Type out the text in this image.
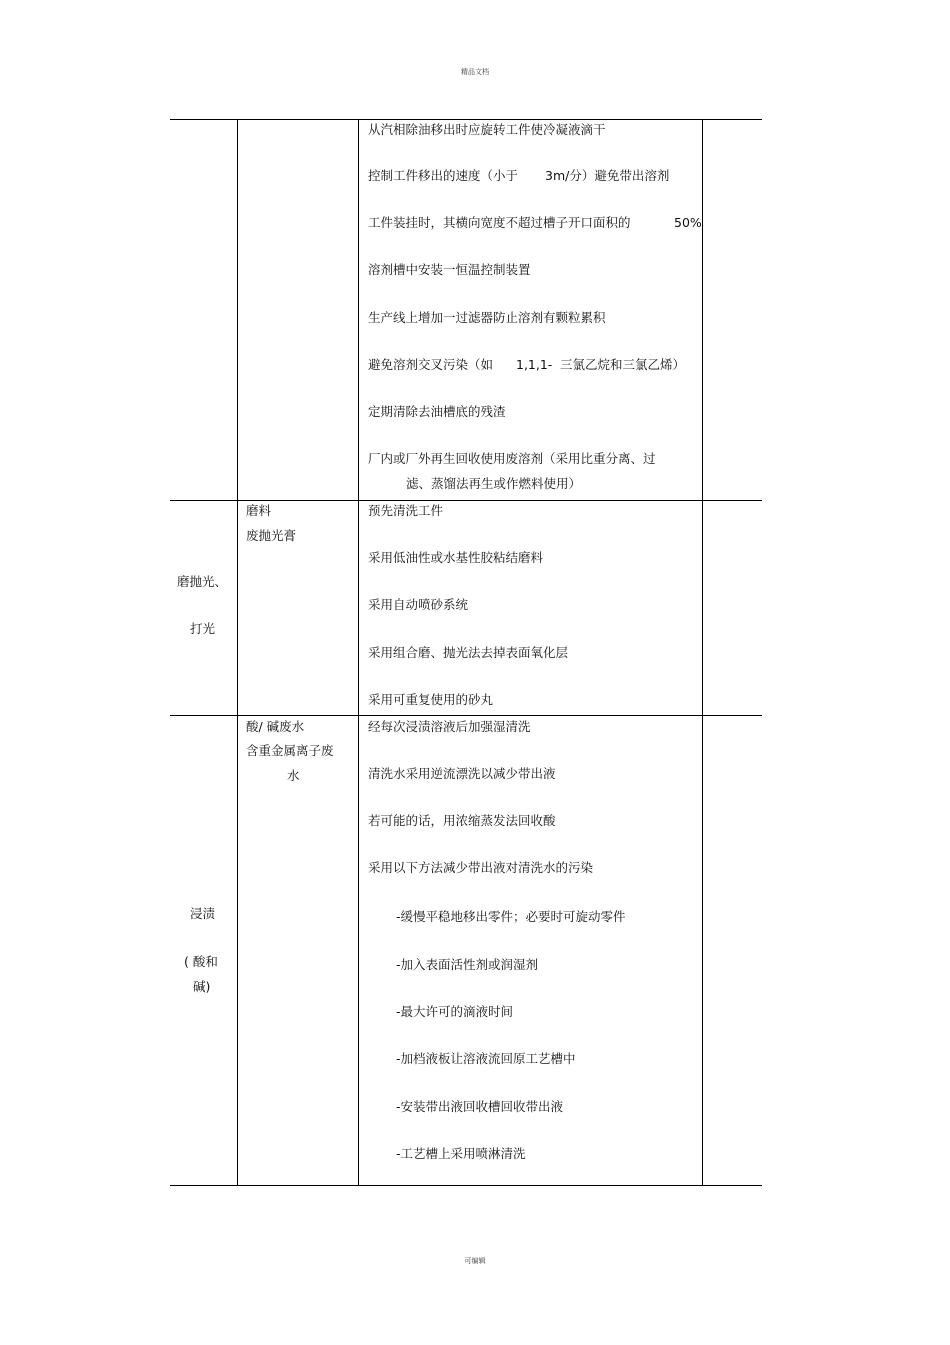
精品文档
可编辑
从汽相除油移出时应旋转工件使冷凝液滴干
控制工件移出的速度（小于 3m/分）避免带出溶剂
工件装挂时，其横向宽度不超过槽子开口面积的	50%
溶剂槽中安装一恒温控制装置
生产线上增加一过滤器防止溶剂有颗粒累积
避免溶剂交叉污染（如 1,1,1- 三氯乙烷和三氯乙烯）
定期清除去油槽底的残渣
厂内或厂外再生回收使用废溶剂（采用比重分离、过
滤、蒸馏法再生或作燃料使用）
磨抛光、
打光
磨料
废抛光膏
预先清洗工件
采用低油性或水基性胶粘结磨料
采用自动喷砂系统
采用组合磨、抛光法去掉表面氧化层
采用可重复使用的砂丸
浸渍
( 酸和
碱)
酸/ 碱废水
含重金属离子废
水
经每次浸渍溶液后加强湿清洗
清洗水采用逆流漂洗以减少带出液
若可能的话，用浓缩蒸发法回收酸
采用以下方法减少带出液对清洗水的污染
-缓慢平稳地移出零件；必要时可旋动零件
-加入表面活性剂或润湿剂
-最大许可的滴液时间
-加档液板让溶液流回原工艺槽中
-安装带出液回收槽回收带出液
-工艺槽上采用喷淋清洗
